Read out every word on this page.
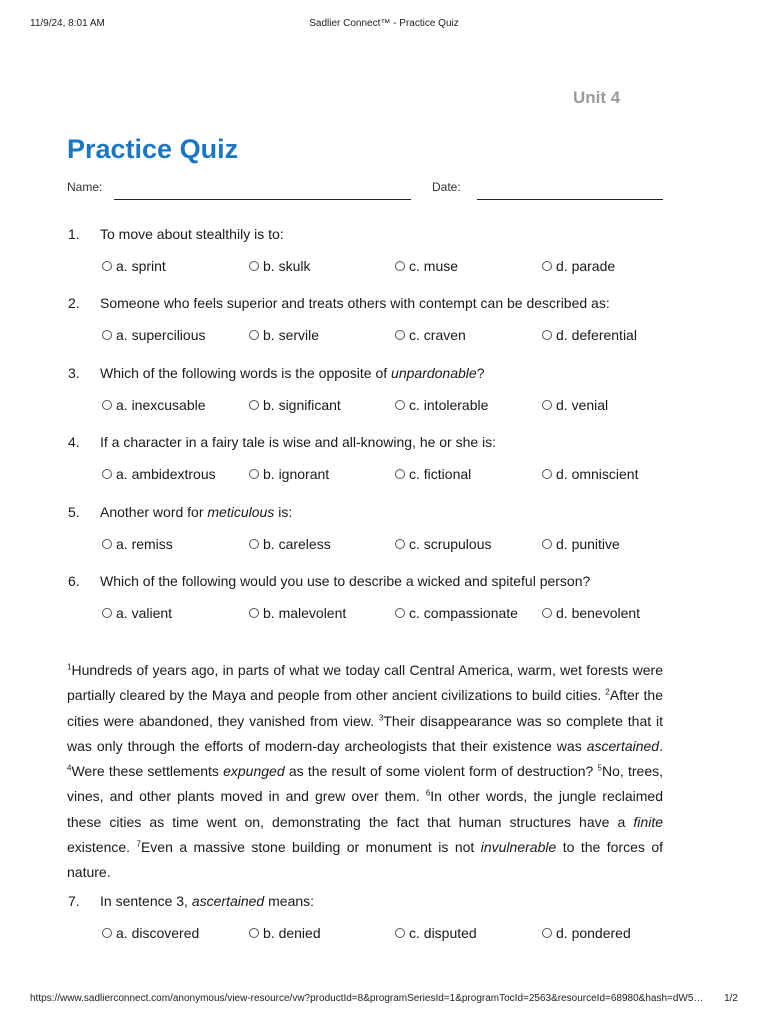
11/9/24, 8:01 AM	Sadlier Connect™ - Practice Quiz
Unit 4
Practice Quiz
Name:	Date:
1. To move about stealthily is to:
a. sprint	b. skulk	c. muse	d. parade
2. Someone who feels superior and treats others with contempt can be described as:
a. supercilious	b. servile	c. craven	d. deferential
3. Which of the following words is the opposite of unpardonable?
a. inexcusable	b. significant	c. intolerable	d. venial
4. If a character in a fairy tale is wise and all-knowing, he or she is:
a. ambidextrous	b. ignorant	c. fictional	d. omniscient
5. Another word for meticulous is:
a. remiss	b. careless	c. scrupulous	d. punitive
6. Which of the following would you use to describe a wicked and spiteful person?
a. valient	b. malevolent	c. compassionate	d. benevolent
7. In sentence 3, ascertained means:
a. discovered	b. denied	c. disputed	d. pondered
$^1$Hundreds of years ago, in parts of what we today call Central America, warm, wet forests were partially cleared by the Maya and people from other ancient civilizations to build cities. $^2$After the cities were abandoned, they vanished from view. $^3$Their disappearance was so complete that it was only through the efforts of modern-day archeologists that their existence was ascertained. $^4$Were these settlements expunged as the result of some violent form of destruction? $^5$No, trees, vines, and other plants moved in and grew over them. $^6$In other words, the jungle reclaimed these cities as time went on, demonstrating the fact that human structures have a finite existence. $^7$Even a massive stone building or monument is not invulnerable to the forces of nature.
https://www.sadlierconnect.com/anonymous/view-resource/vw?productId=8&programSeriesId=1&programTocId=2563&resourceId=68980&hash=dW5…	1/2
